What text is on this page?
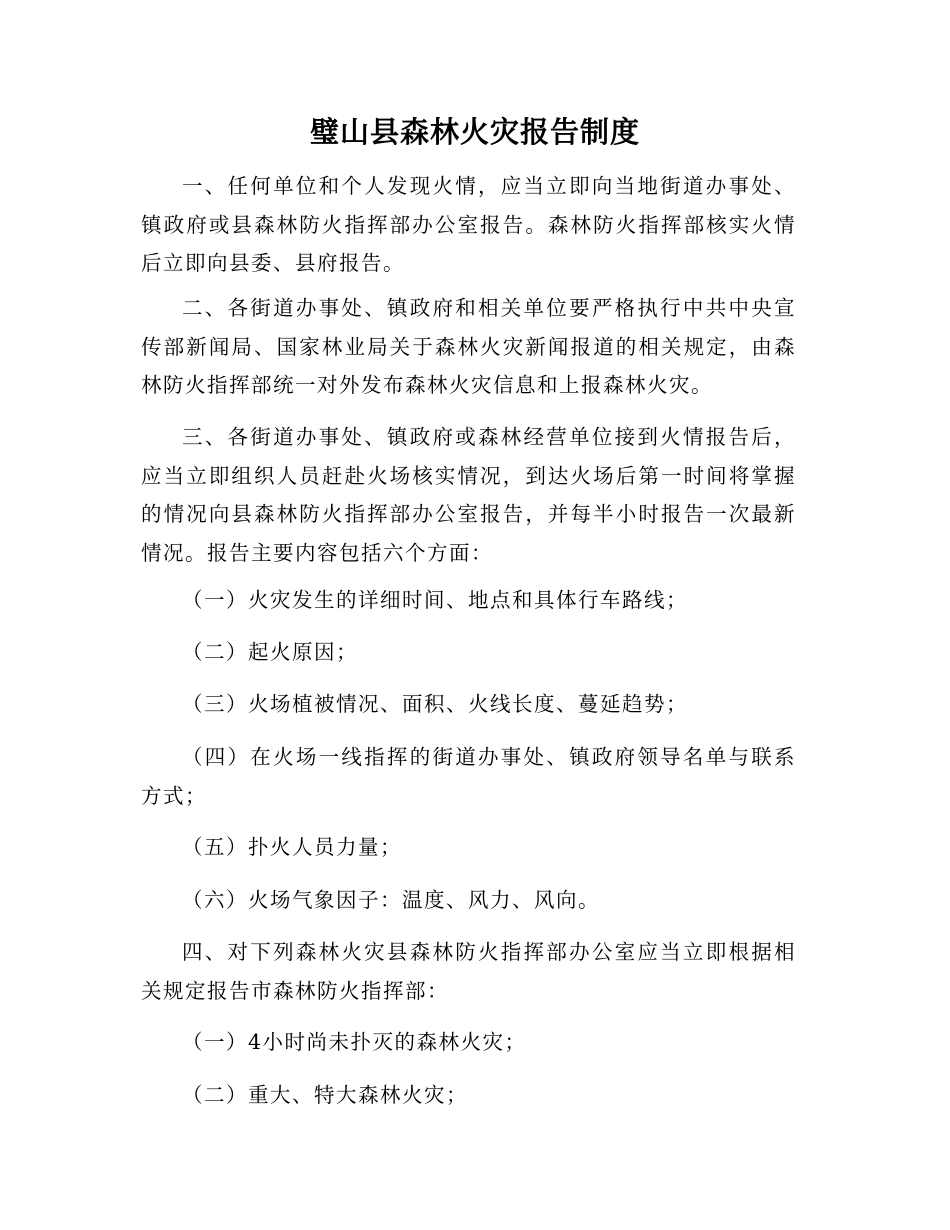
璧山县森林火灾报告制度

一、任何单位和个人发现火情，应当立即向当地街道办事处、镇政府或县森林防火指挥部办公室报告。森林防火指挥部核实火情后立即向县委、县府报告。

二、各街道办事处、镇政府和相关单位要严格执行中共中央宣传部新闻局、国家林业局关于森林火灾新闻报道的相关规定，由森林防火指挥部统一对外发布森林火灾信息和上报森林火灾。

三、各街道办事处、镇政府或森林经营单位接到火情报告后，应当立即组织人员赶赴火场核实情况，到达火场后第一时间将掌握的情况向县森林防火指挥部办公室报告，并每半小时报告一次最新情况。报告主要内容包括六个方面：

（一）火灾发生的详细时间、地点和具体行车路线；

（二）起火原因；

（三）火场植被情况、面积、火线长度、蔓延趋势；

（四）在火场一线指挥的街道办事处、镇政府领导名单与联系方式；

（五）扑火人员力量；

（六）火场气象因子：温度、风力、风向。

四、对下列森林火灾县森林防火指挥部办公室应当立即根据相关规定报告市森林防火指挥部：

（一）4小时尚未扑灭的森林火灾；

（二）重大、特大森林火灾；
